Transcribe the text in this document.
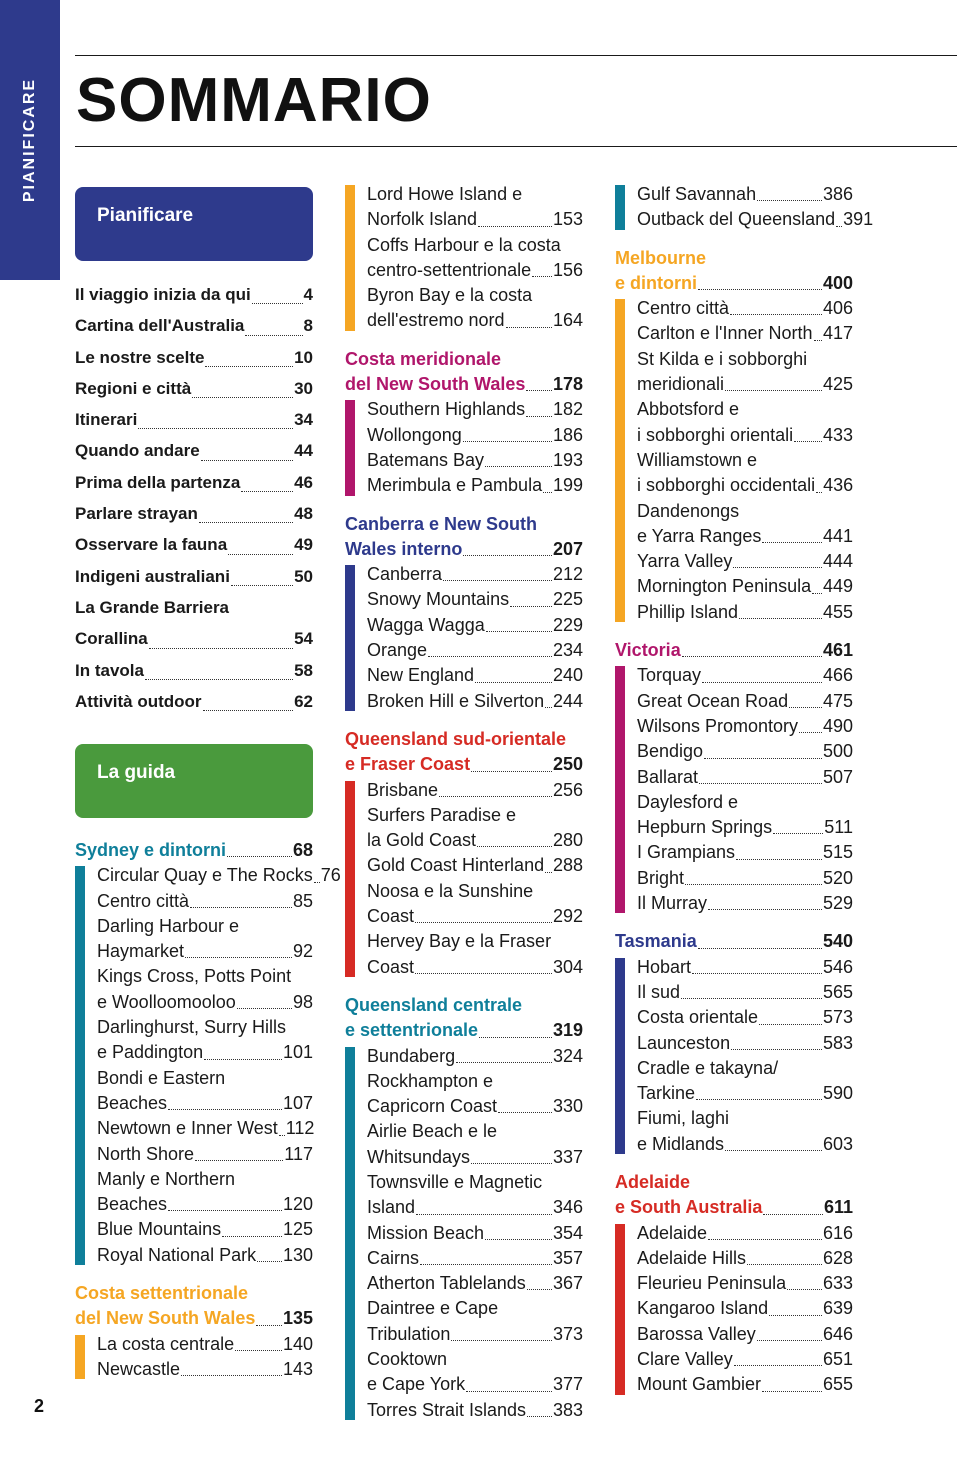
PIANIFICARE SOMMARIO
Pianificare
Il viaggio inizia da qui	4
Cartina dell'Australia	8
Le nostre scelte	10
Regioni e città	30
Itinerari	34
Quando andare	44
Prima della partenza	46
Parlare strayan	48
Osservare la fauna	49
Indigeni australiani	50
La Grande Barriera
Corallina	54
In tavola	58
Attività outdoor	62
La guida
Sydney e dintorni	68
Circular Quay e The Rocks 76
Centro città	85
Darling Harbour e
Haymarket	92
Kings Cross, Potts Point
e Woolloomooloo	98
Darlinghurst, Surry Hills
e Paddington	101
Bondi e Eastern
Beaches	107
Newtown e Inner West 112
North Shore	117
Manly e Northern
Beaches	120
Blue Mountains	125
Royal National Park 130
Costa settentrionale
del New South Wales 135
La costa centrale	140
Newcastle	143
Lord Howe Island e
Norfolk Island	153
Coffs Harbour e la costa
centro-settentrionale 156
Byron Bay e la costa
dell'estremo nord	164
Costa meridionale
del New South Wales 178
Southern Highlands 182
Wollongong	186
Batemans Bay	193
Merimbula e Pambula 199
Canberra e New South
Wales interno	207
Canberra	212
Snowy Mountains 225
Wagga Wagga	229
Orange	234
New England	240
Broken Hill e Silverton 244
Queensland sud-orientale
e Fraser Coast	250
Brisbane	256
Surfers Paradise e
la Gold Coast	280
Gold Coast Hinterland 288
Noosa e la Sunshine
Coast	292
Hervey Bay e la Fraser
Coast	304
Queensland centrale
e settentrionale	319
Bundaberg	324
Rockhampton e
Capricorn Coast	330
Airlie Beach e le
Whitsundays	337
Townsville e Magnetic
Island	346
Mission Beach	354
Cairns	357
Atherton Tablelands 367
Daintree e Cape
Tribulation	373
Cooktown
e Cape York	377
Torres Strait Islands 383
Gulf Savannah	386
Outback del Queensland 391
Melbourne
e dintorni	400
Centro città	406
Carlton e l'Inner North 417
St Kilda e i sobborghi
meridionali	425
Abbotsford e
i sobborghi orientali 433
Williamstown e
i sobborghi occidentali 436
Dandenongs
e Yarra Ranges	441
Yarra Valley	444
Mornington Peninsula 449
Phillip Island	455
Victoria	461
Torquay	466
Great Ocean Road 475
Wilsons Promontory 490
Bendigo	500
Ballarat	507
Daylesford e
Hepburn Springs	511
I Grampians	515
Bright	520
Il Murray	529
Tasmania	540
Hobart	546
Il sud	565
Costa orientale	573
Launceston	583
Cradle e takayna/
Tarkine	590
Fiumi, laghi
e Midlands	603
Adelaide
e South Australia	611
Adelaide	616
Adelaide Hills	628
Fleurieu Peninsula 633
Kangaroo Island	639
Barossa Valley	646
Clare Valley	651
Mount Gambier	655
2
